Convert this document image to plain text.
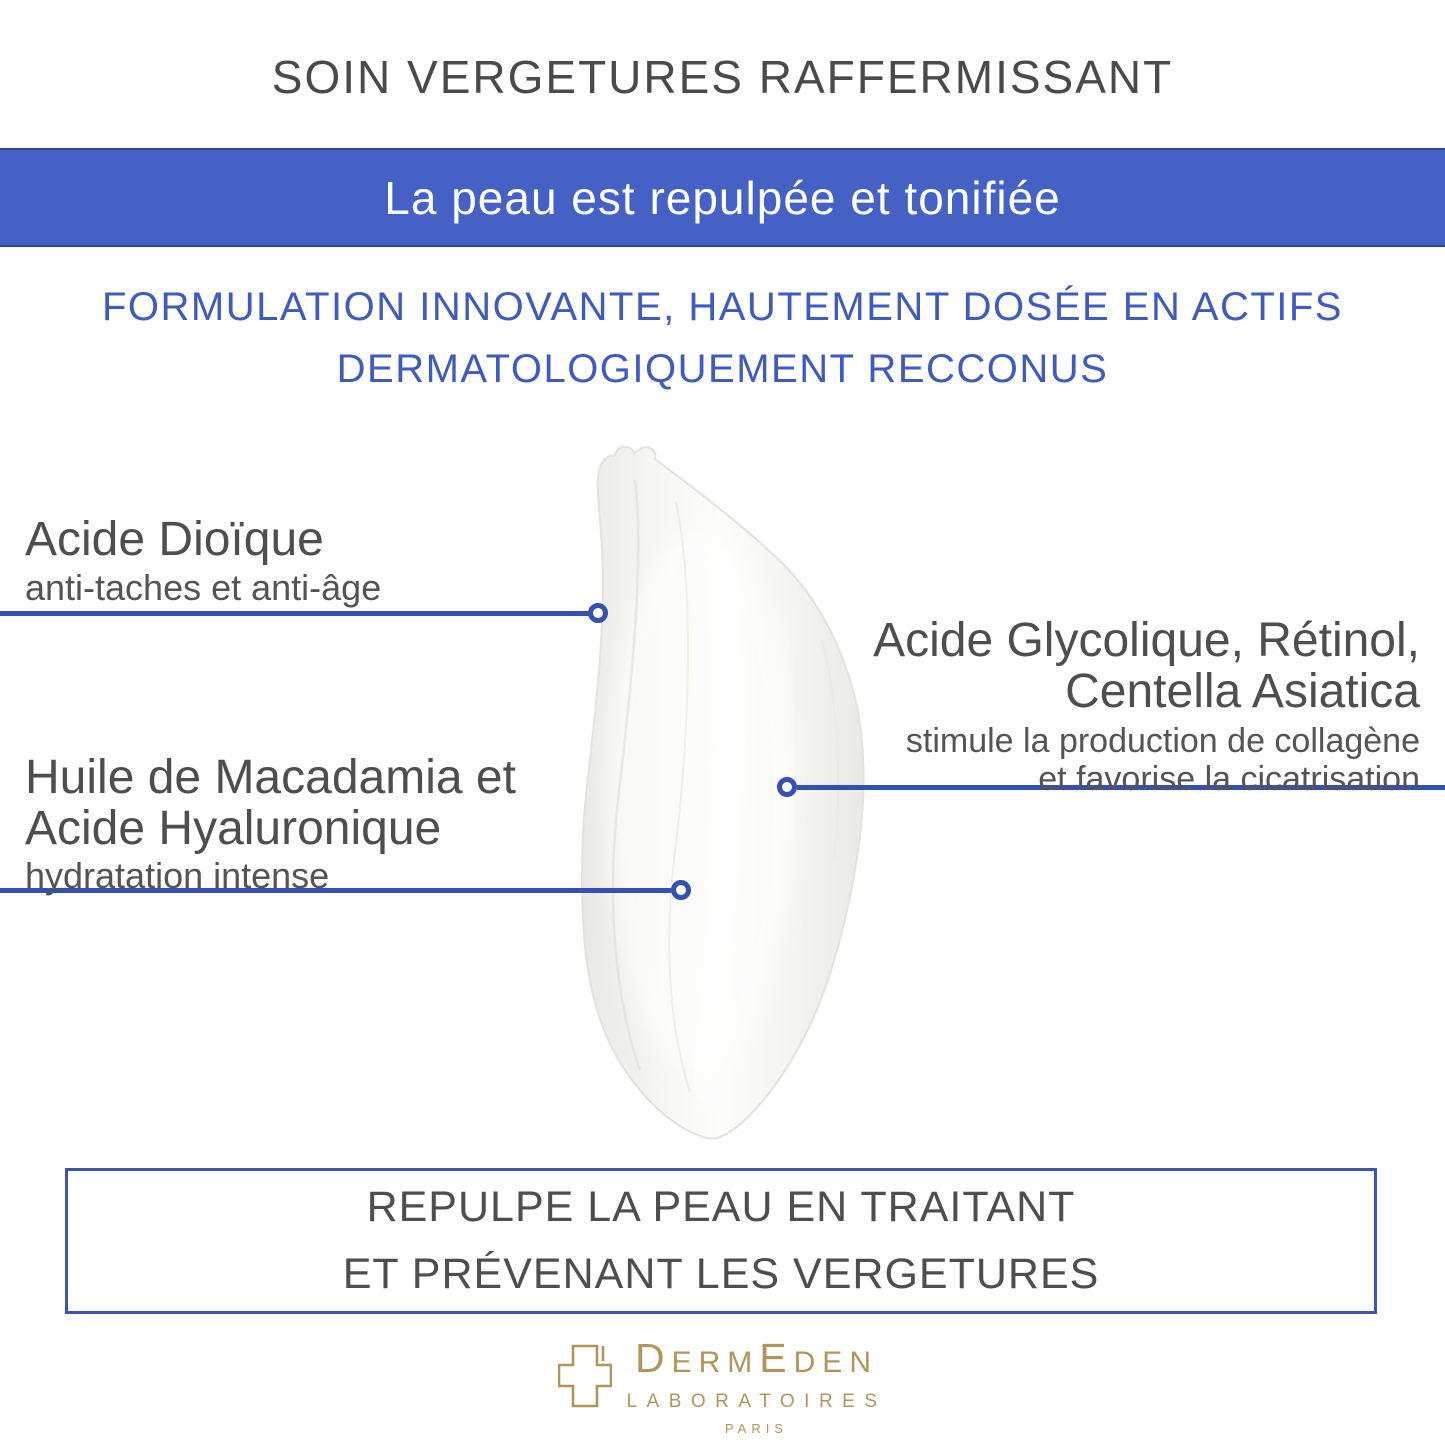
SOIN VERGETURES RAFFERMISSANT
La peau est repulpée et tonifiée
FORMULATION INNOVANTE, HAUTEMENT DOSÉE EN ACTIFS
DERMATOLOGIQUEMENT RECCONUS
Acide Dioïque
anti-taches et anti-âge
Acide Glycolique, Rétinol,
Centella Asiatica
stimule la production de collagène
et favorise la cicatrisation
Huile de Macadamia et
Acide Hyaluronique
hydratation intense
REPULPE LA PEAU EN TRAITANT
ET PRÉVENANT LES VERGETURES
DERMEDEN
LABORATOIRES
PARIS
